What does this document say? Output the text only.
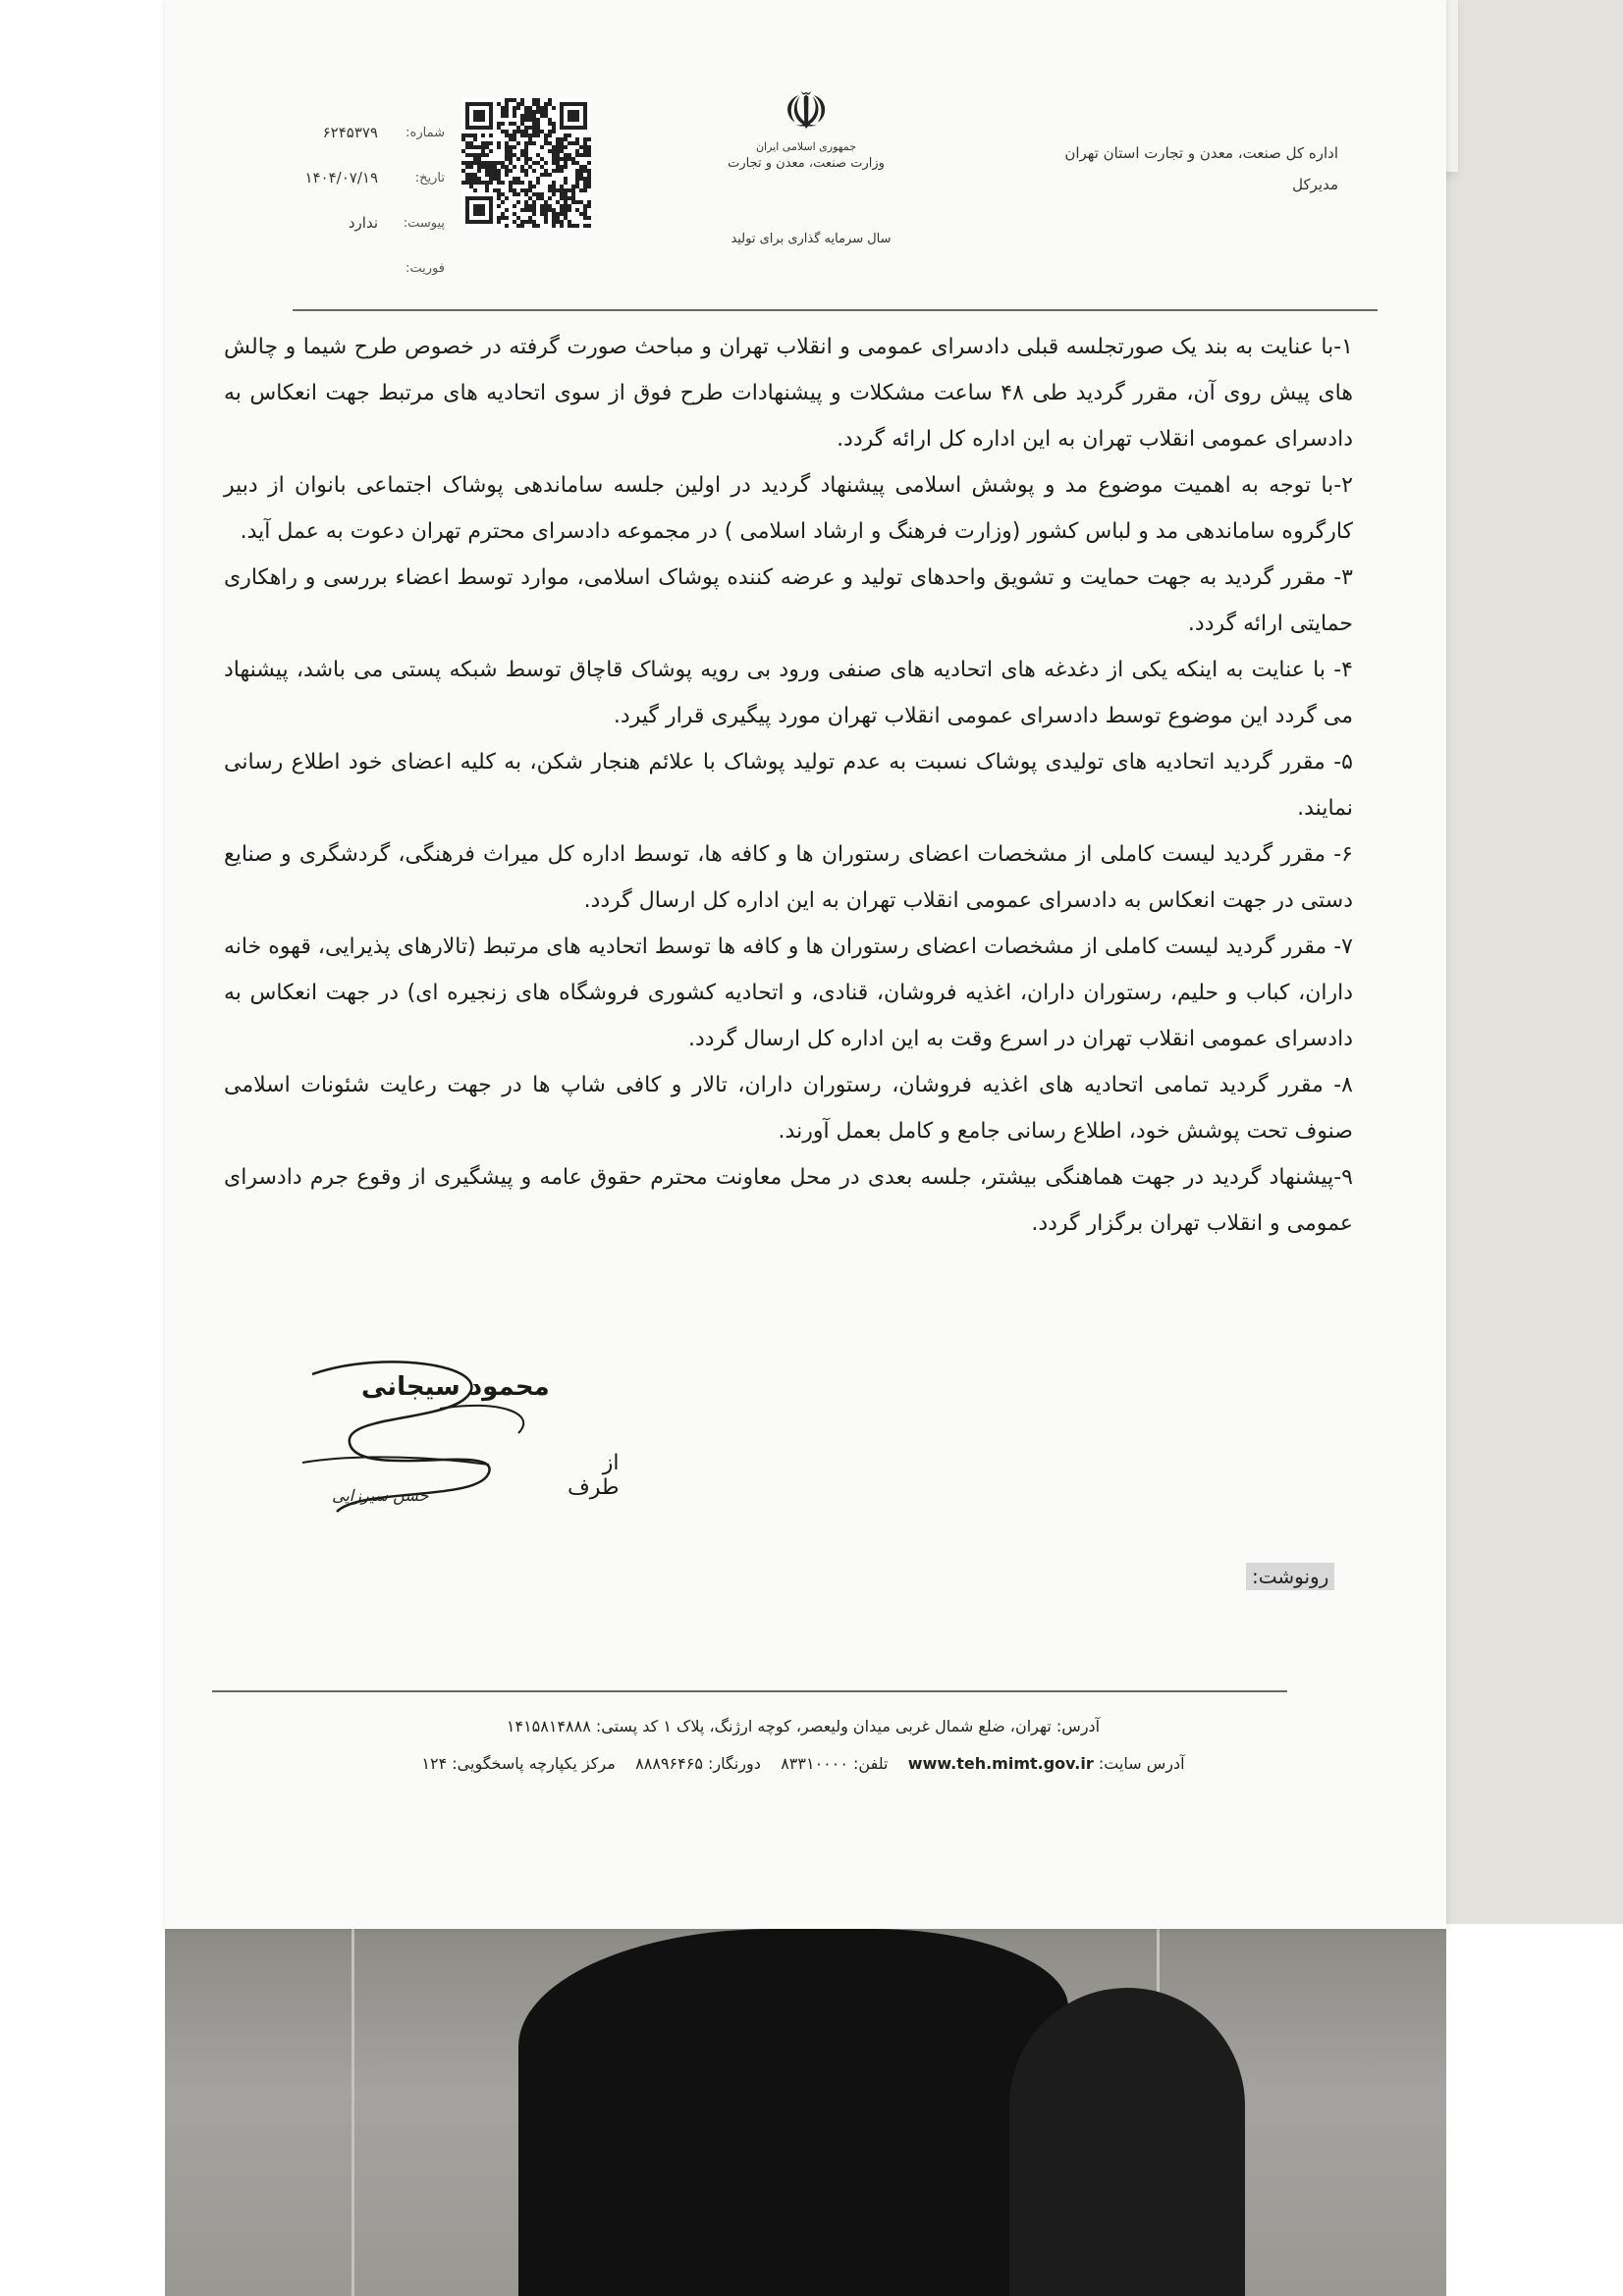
اداره کل صنعت، معدن و تجارت استان تهران
مدیرکل
☫
جمهوری اسلامی ایران
وزارت صنعت، معدن و تجارت
سال سرمایه گذاری برای تولید
شماره:
۶۲۴۵۳۷۹
تاریخ:
۱۴۰۴/۰۷/۱۹
پیوست:
ندارد
فوریت:

۱-با عنایت به بند یک صورتجلسه قبلی دادسرای عمومی و انقلاب تهران و مباحث صورت گرفته در خصوص طرح شیما و چالش های پیش روی آن، مقرر گردید طی ۴۸ ساعت مشکلات و پیشنهادات طرح فوق از سوی اتحادیه های مرتبط جهت انعکاس به دادسرای عمومی انقلاب تهران به این اداره کل ارائه گردد.

۲-با توجه به اهمیت موضوع مد و پوشش اسلامی پیشنهاد گردید در اولین جلسه ساماندهی پوشاک اجتماعی بانوان از دبیر کارگروه ساماندهی مد و لباس کشور (وزارت فرهنگ و ارشاد اسلامی ) در مجموعه دادسرای محترم تهران دعوت به عمل آید.

۳- مقرر گردید به جهت حمایت و تشویق واحدهای تولید و عرضه کننده پوشاک اسلامی، موارد توسط اعضاء بررسی و راهکاری حمایتی ارائه گردد.

۴- با عنایت به اینکه یکی از دغدغه های اتحادیه های صنفی ورود بی رویه پوشاک قاچاق توسط شبکه پستی می باشد، پیشنهاد می گردد این موضوع توسط دادسرای عمومی انقلاب تهران مورد پیگیری قرار گیرد.

۵- مقرر گردید اتحادیه های تولیدی پوشاک نسبت به عدم تولید پوشاک با علائم هنجار شکن، به کلیه اعضای خود اطلاع رسانی نمایند.

۶- مقرر گردید لیست کاملی از مشخصات اعضای رستوران ها و کافه ها، توسط اداره کل میراث فرهنگی، گردشگری و صنایع دستی در جهت انعکاس به دادسرای عمومی انقلاب تهران به این اداره کل ارسال گردد.

۷- مقرر گردید لیست کاملی از مشخصات اعضای رستوران ها و کافه ها توسط اتحادیه های مرتبط (تالارهای پذیرایی، قهوه خانه داران، کباب و حلیم، رستوران داران، اغذیه فروشان، قنادی، و اتحادیه کشوری فروشگاه های زنجیره ای) در جهت انعکاس به دادسرای عمومی انقلاب تهران در اسرع وقت به این اداره کل ارسال گردد.

۸- مقرر گردید تمامی اتحادیه های اغذیه فروشان، رستوران داران، تالار و کافی شاپ ها در جهت رعایت شئونات اسلامی صنوف تحت پوشش خود، اطلاع رسانی جامع و کامل بعمل آورند.

۹-پیشنهاد گردید در جهت هماهنگی بیشتر، جلسه بعدی در محل معاونت محترم حقوق عامه و پیشگیری از وقوع جرم دادسرای عمومی و انقلاب تهران برگزار گردد.

محمود سیجانی
از طرف
حسن سیرزایی
رونوشت:
آدرس: تهران، ضلع شمال غربی میدان ولیعصر، کوچه ارژنگ، پلاک ۱ کد پستی: ۱۴۱۵۸۱۴۸۸۸
آدرس سایت: www.teh.mimt.gov.ir    تلفن: ۸۳۳۱۰۰۰۰    دورنگار: ۸۸۸۹۶۴۶۵    مرکز یکپارچه پاسخگویی: ۱۲۴
